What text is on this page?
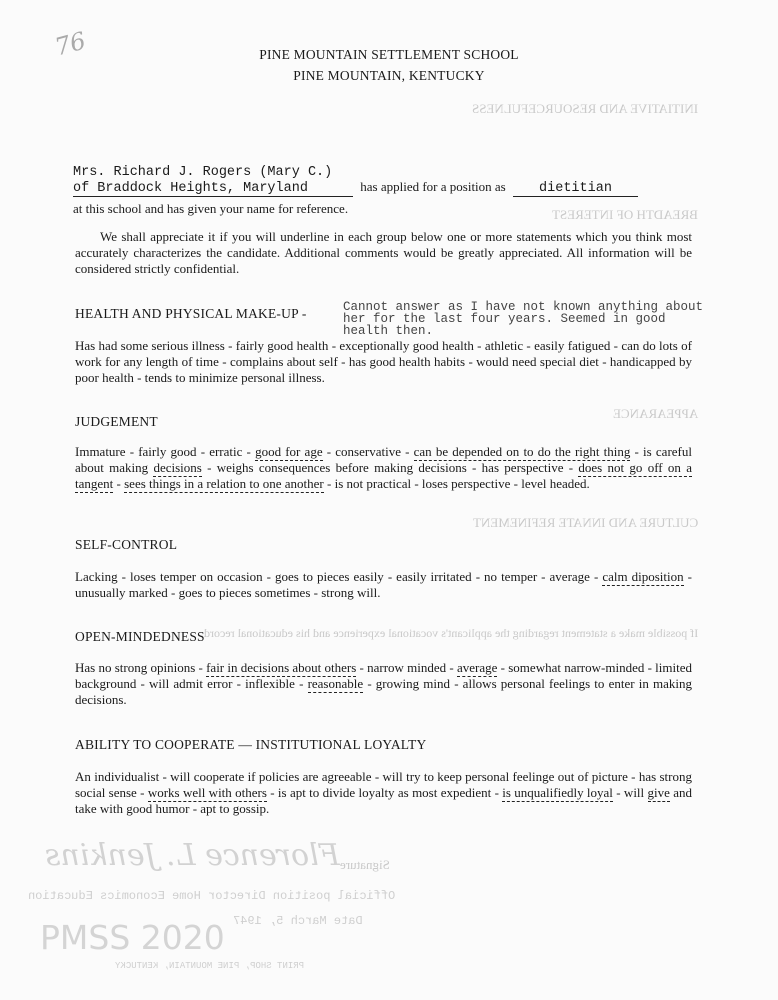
76
INITIATIVE AND RESOURCEFULNESS
BREADTH OF INTEREST
APPEARANCE
CULTURE AND INNATE REFINEMENT
If possible make a statement regarding the applicant's vocational experience and his educational record.
Florence L. Jenkins Signature
Official position Director Home Economics Education
Date March 5, 1947
PRINT SHOP, PINE MOUNTAIN, KENTUCKY
PMSS 2020
PINE MOUNTAIN SETTLEMENT SCHOOL
PINE MOUNTAIN, KENTUCKY
Mrs. Richard J. Rogers (Mary C.)
of Braddock Heights, Maryland	has applied for a position as dietitian
at this school and has given your name for reference.
We shall appreciate it if you will underline in each group below one or more statements which you think most accurately characterizes the candidate. Additional comments would be greatly appreciated. All information will be considered strictly confidential.
HEALTH AND PHYSICAL MAKE-UP -	Cannot answer as I have not known anything about
her for the last four years. Seemed in good
health then.
Has had some serious illness - fairly good health - exceptionally good health - athletic - easily fatigued - can do lots of work for any length of time - complains about self - has good health habits - would need special diet - handicapped by poor health - tends to minimize personal illness.
JUDGEMENT
Immature - fairly good - erratic - good for age - conservative - can be depended on to do the right thing - is careful about making decisions - weighs consequences before making decisions - has perspective - does not go off on a tangent - sees things in a relation to one another - is not practical - loses perspective - level headed.
SELF-CONTROL
Lacking - loses temper on occasion - goes to pieces easily - easily irritated - no temper - average - calm diposition - unusually marked - goes to pieces sometimes - strong will.
OPEN-MINDEDNESS
Has no strong opinions - fair in decisions about others - narrow minded - average - somewhat narrow-minded - limited background - will admit error - inflexible - reasonable - growing mind - allows personal feelings to enter in making decisions.
ABILITY TO COOPERATE — INSTITUTIONAL LOYALTY
An individualist - will cooperate if policies are agreeable - will try to keep personal feelinge out of picture - has strong social sense - works well with others - is apt to divide loyalty as most expedient - is unqualifiedly loyal - will give and take with good humor - apt to gossip.
